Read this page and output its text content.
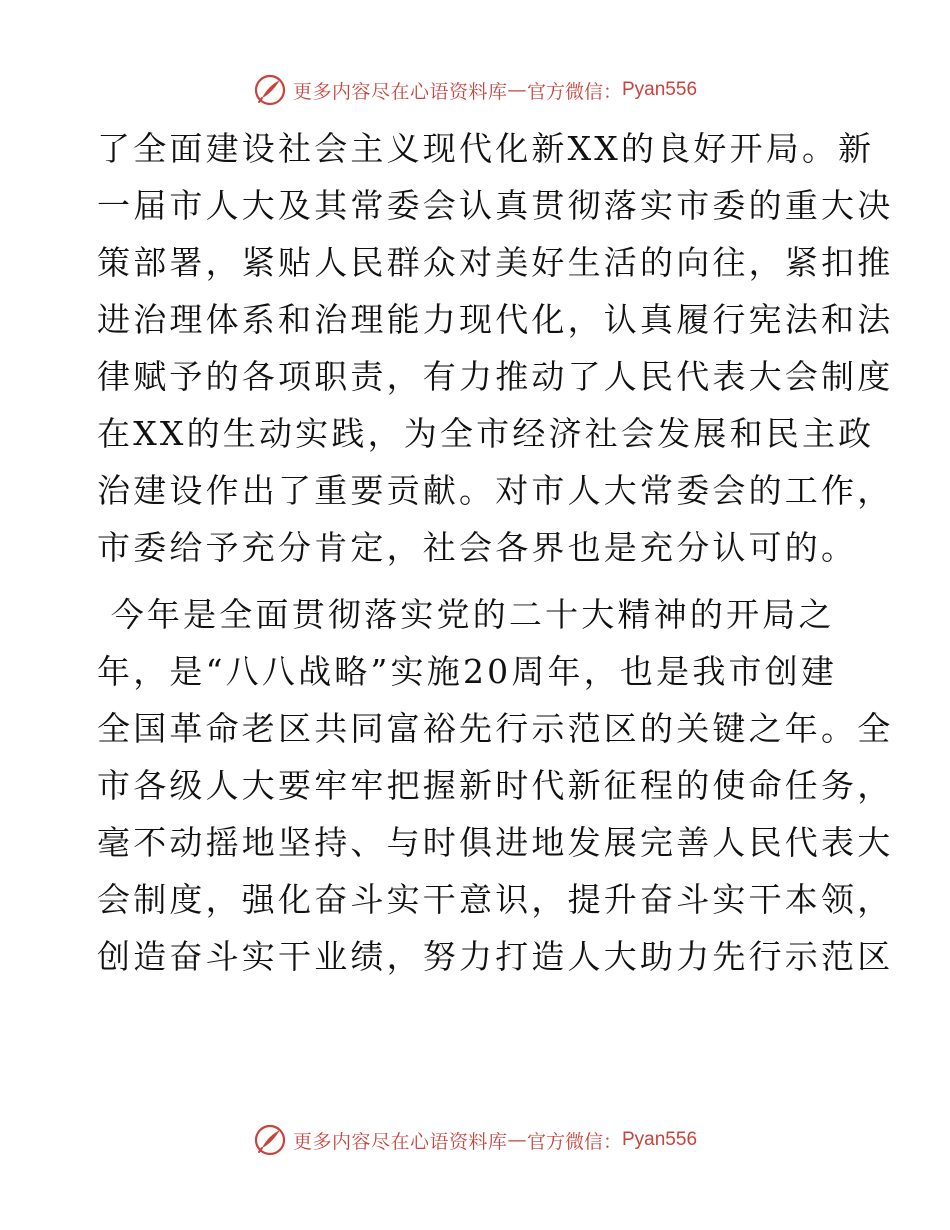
更多内容尽在心语资料库 — 官方微信： Pyan556
了全面建设社会主义现代化新XX的良好开局。新
一届市人大及其常委会认真贯彻落实市委的重大决
策部署，紧贴人民群众对美好生活的向往，紧扣推
进治理体系和治理能力现代化，认真履行宪法和法
律赋予的各项职责，有力推动了人民代表大会制度
在XX的生动实践，为全市经济社会发展和民主政
治建设作出了重要贡献。对市人大常委会的工作，
市委给予充分肯定，社会各界也是充分认可的。
今年是全面贯彻落实党的二十大精神的开局之
年，是“八八战略”实施20周年，也是我市创建
全国革命老区共同富裕先行示范区的关键之年。全
市各级人大要牢牢把握新时代新征程的使命任务，
毫不动摇地坚持、与时俱进地发展完善人民代表大
会制度，强化奋斗实干意识，提升奋斗实干本领，
创造奋斗实干业绩，努力打造人大助力先行示范区
更多内容尽在心语资料库 — 官方微信： Pyan556
